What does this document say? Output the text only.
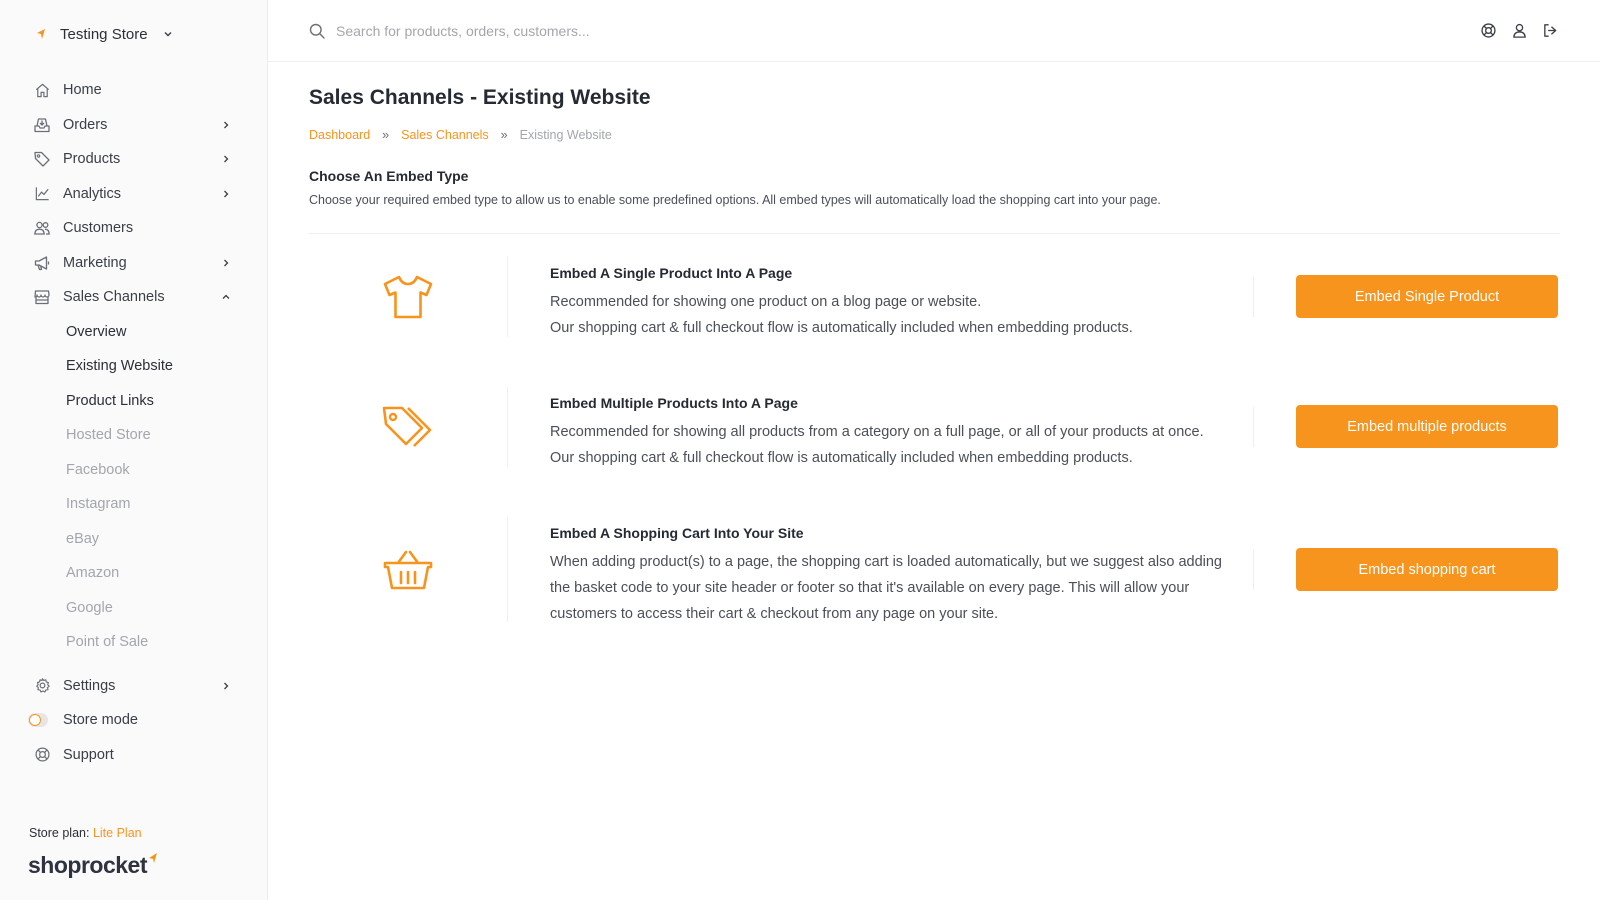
Testing Store
Home
Orders
Products
Analytics
Customers
Marketing
Sales Channels
Overview
Existing Website
Product Links
Hosted Store
Facebook
Instagram
eBay
Amazon
Google
Point of Sale
Settings
Store mode
Support
Store plan: Lite Plan
shoprocket
Search for products, orders, customers...
Sales Channels - Existing Website
Dashboard » Sales Channels » Existing Website
Choose An Embed Type
Choose your required embed type to allow us to enable some predefined options. All embed types will automatically load the shopping cart into your page.
Embed A Single Product Into A Page
Recommended for showing one product on a blog page or website.
Our shopping cart & full checkout flow is automatically included when embedding products.
Embed Single Product
Embed Multiple Products Into A Page
Recommended for showing all products from a category on a full page, or all of your products at once.
Our shopping cart & full checkout flow is automatically included when embedding products.
Embed multiple products
Embed A Shopping Cart Into Your Site
When adding product(s) to a page, the shopping cart is loaded automatically, but we suggest also adding
the basket code to your site header or footer so that it's available on every page. This will allow your
customers to access their cart & checkout from any page on your site.
Embed shopping cart
